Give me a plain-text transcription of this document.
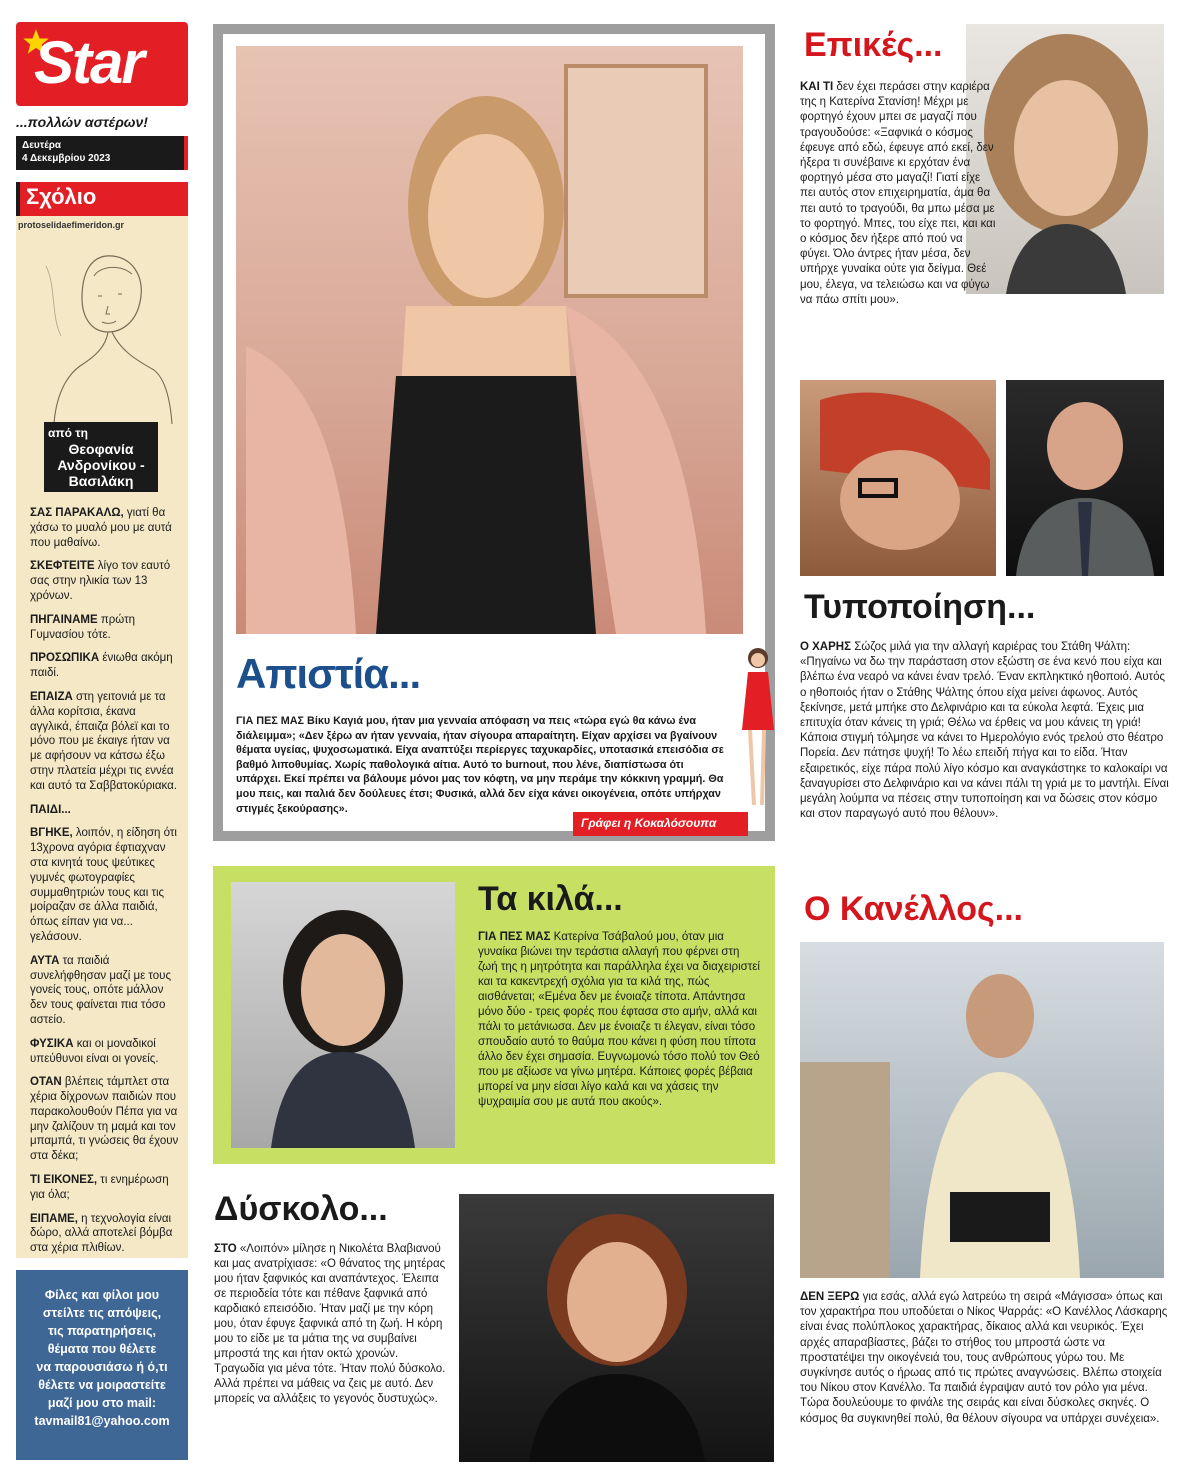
Star
...πολλών αστέρων!
Δευτέρα
4 Δεκεμβρίου 2023
Σχόλιο
protoselidaefimeridon.gr
από τη
Θεοφανία Ανδρονίκου - Βασιλάκη

ΣΑΣ ΠΑΡΑΚΑΛΩ, γιατί θα χάσω το μυαλό μου με αυτά που μαθαίνω.

ΣΚΕΦΤΕΙΤΕ λίγο τον εαυτό σας στην ηλικία των 13 χρόνων.

ΠΗΓΑΙΝΑΜΕ πρώτη Γυμνασίου τότε.

ΠΡΟΣΩΠΙΚΑ ένιωθα ακόμη παιδί.

ΕΠΑΙΖΑ στη γειτονιά με τα άλλα κορίτσια, έκανα αγγλικά, έπαιζα βόλεϊ και το μόνο που με έκαιγε ήταν να με αφήσουν να κάτσω έξω στην πλατεία μέχρι τις εννέα και αυτό τα Σαββατοκύριακα.

ΠΑΙΔΙ...

ΒΓΗΚΕ, λοιπόν, η είδηση ότι 13χρονα αγόρια έφτιαχναν στα κινητά τους ψεύτικες γυμνές φωτογραφίες συμμαθητριών τους και τις μοίραζαν σε άλλα παιδιά, όπως είπαν για να... γελάσουν.

ΑΥΤΑ τα παιδιά συνελήφθησαν μαζί με τους γονείς τους, οπότε μάλλον δεν τους φαίνεται πια τόσο αστείο.

ΦΥΣΙΚΑ και οι μοναδικοί υπεύθυνοι είναι οι γονείς.

ΟΤΑΝ βλέπεις τάμπλετ στα χέρια δίχρονων παιδιών που παρακολουθούν Πέπα για να μην ζαλίζουν τη μαμά και τον μπαμπά, τι γνώσεις θα έχουν στα δέκα;

ΤΙ ΕΙΚΟΝΕΣ, τι ενημέρωση για όλα;

ΕΙΠΑΜΕ, η τεχνολογία είναι δώρο, αλλά αποτελεί βόμβα στα χέρια πλιθίων.

Φίλες και φίλοι μου
στείλτε τις απόψεις,
τις παρατηρήσεις,
θέματα που θέλετε
να παρουσιάσω ή ό,τι
θέλετε να μοιραστείτε
μαζί μου στο mail:
tavmail81@yahoo.com
Απιστία...
ΓΙΑ ΠΕΣ ΜΑΣ Βίκυ Καγιά μου, ήταν μια γενναία απόφαση να πεις «τώρα εγώ θα κάνω ένα διάλειμμα»; «Δεν ξέρω αν ήταν γενναία, ήταν σίγουρα απαραίτητη. Είχαν αρχίσει να βγαίνουν θέματα υγείας, ψυχοσωματικά. Είχα αναπτύξει περίεργες ταχυκαρδίες, υποτασικά επεισόδια σε βαθμό λιποθυμίας. Χωρίς παθολογικά αίτια. Αυτό το burnout, που λένε, διαπίστωσα ότι υπάρχει. Εκεί πρέπει να βάλουμε μόνοι μας τον κόφτη, να μην περάμε την κόκκινη γραμμή. Θα μου πεις, και παλιά δεν δούλευες έτσι; Φυσικά, αλλά δεν είχα κάνει οικογένεια, οπότε υπήρχαν στιγμές ξεκούρασης».
Γράφει η Κοκαλόσουπα
Τα κιλά...
ΓΙΑ ΠΕΣ ΜΑΣ Κατερίνα Τσάβαλού μου, όταν μια γυναίκα βιώνει την τεράστια αλλαγή που φέρνει στη ζωή της η μητρότητα και παράλληλα έχει να διαχειριστεί και τα κακεντρεχή σχόλια για τα κιλά της, πώς αισθάνεται; «Εμένα δεν με ένοιαζε τίποτα. Απάντησα μόνο δύο - τρεις φορές που έφτασα στο αμήν, αλλά και πάλι το μετάνιωσα. Δεν με ένοιαζε τι έλεγαν, είναι τόσο σπουδαίο αυτό το θαύμα που κάνει η φύση που τίποτα άλλο δεν έχει σημασία. Ευγνωμονώ τόσο πολύ τον Θεό που με αξίωσε να γίνω μητέρα. Κάποιες φορές βέβαια μπορεί να μην είσαι λίγο καλά και να χάσεις την ψυχραιμία σου με αυτά που ακούς».
Δύσκολο...
ΣΤΟ «Λοιπόν» μίλησε η Νικολέτα Βλαβιανού και μας ανατρίχιασε: «Ο θάνατος της μητέρας μου ήταν ξαφνικός και αναπάντεχος. Έλειπα σε περιοδεία τότε και πέθανε ξαφνικά από καρδιακό επεισόδιο. Ήταν μαζί με την κόρη μου, όταν έφυγε ξαφνικά από τη ζωή. Η κόρη μου το είδε με τα μάτια της να συμβαίνει μπροστά της και ήταν οκτώ χρονών. Τραγωδία για μένα τότε. Ήταν πολύ δύσκολο. Αλλά πρέπει να μάθεις να ζεις με αυτό. Δεν μπορείς να αλλάξεις το γεγονός δυστυχώς».
Επικές...
ΚΑΙ ΤΙ δεν έχει περάσει στην καριέρα της η Κατερίνα Στανίση! Μέχρι με φορτηγό έχουν μπει σε μαγαζί που τραγουδούσε: «Ξαφνικά ο κόσμος έφευγε από εδώ, έφευγε από εκεί, δεν ήξερα τι συνέβαινε κι ερχόταν ένα φορτηγό μέσα στο μαγαζί! Γιατί είχε πει αυτός στον επιχειρηματία, άμα θα πει αυτό το τραγούδι, θα μπω μέσα με το φορτηγό. Μπες, του είχε πει, και και ο κόσμος δεν ήξερε από πού να φύγει. Όλο άντρες ήταν μέσα, δεν υπήρχε γυναίκα ούτε για δείγμα. Θεέ μου, έλεγα, να τελειώσω και να φύγω να πάω σπίτι μου».
Τυποποίηση...
Ο ΧΑΡΗΣ Σώζος μιλά για την αλλαγή καριέρας του Στάθη Ψάλτη: «Πηγαίνω να δω την παράσταση στον εξώστη σε ένα κενό που είχα και βλέπω ένα νεαρό να κάνει έναν τρελό. Έναν εκπληκτικό ηθοποιό. Αυτός ο ηθοποιός ήταν ο Στάθης Ψάλτης όπου είχα μείνει άφωνος. Αυτός ξεκίνησε, μετά μπήκε στο Δελφινάριο και τα εύκολα λεφτά. Έχεις μια επιτυχία όταν κάνεις τη γριά; Θέλω να έρθεις να μου κάνεις τη γριά! Κάποια στιγμή τόλμησε να κάνει το Ημερολόγιο ενός τρελού στο θέατρο Πορεία. Δεν πάτησε ψυχή! Το λέω επειδή πήγα και το είδα. Ήταν εξαιρετικός, είχε πάρα πολύ λίγο κόσμο και αναγκάστηκε το καλοκαίρι να ξαναγυρίσει στο Δελφινάριο και να κάνει πάλι τη γριά με το μαντήλι. Είναι μεγάλη λούμπα να πέσεις στην τυποποίηση και να δώσεις στον κόσμο και στον παραγωγό αυτό που θέλουν».
Ο Κανέλλος...
ΔΕΝ ΞΕΡΩ για εσάς, αλλά εγώ λατρεύω τη σειρά «Μάγισσα» όπως και τον χαρακτήρα που υποδύεται ο Νίκος Ψαρράς: «Ο Κανέλλος Λάσκαρης είναι ένας πολύπλοκος χαρακτήρας, δίκαιος αλλά και νευρικός. Έχει αρχές απαραβίαστες, βάζει το στήθος του μπροστά ώστε να προστατέψει την οικογένειά του, τους ανθρώπους γύρω του. Με συγκίνησε αυτός ο ήρωας από τις πρώτες αναγνώσεις. Βλέπω στοιχεία του Νίκου στον Κανέλλο. Τα παιδιά έγραψαν αυτό τον ρόλο για μένα. Τώρα δουλεύουμε το φινάλε της σειράς και είναι δύσκολες σκηνές. Ο κόσμος θα συγκινηθεί πολύ, θα θέλουν σίγουρα να υπάρχει συνέχεια».
